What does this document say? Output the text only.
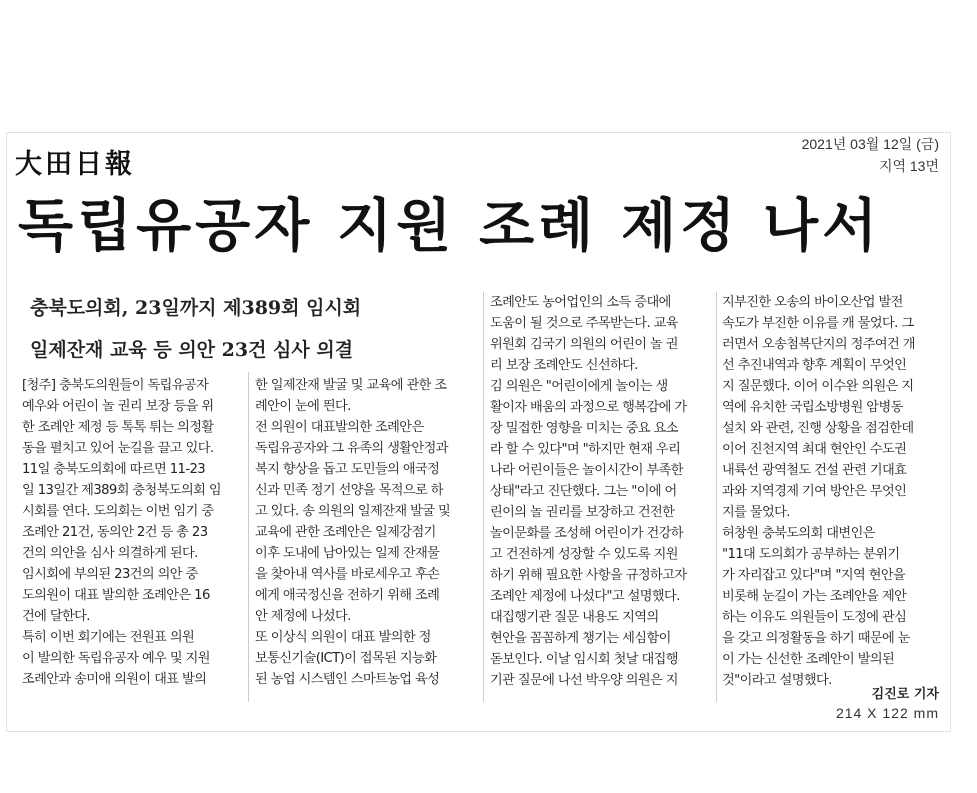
大田日報
2021년 03월 12일 (금)
지역 13면
독립유공자 지원 조례 제정 나서
충북도의회, 23일까지 제389회 임시회
일제잔재 교육 등 의안 23건 심사 의결

[청주] 충북도의원들이 독립유공자

예우와 어린이 놀 권리 보장 등을 위

한 조례안 제정 등 톡톡 튀는 의정활

동을 펼치고 있어 눈길을 끌고 있다.

11일 충북도의회에 따르면 11-23

일 13일간 제389회 충청북도의회 임

시회를 연다. 도의회는 이번 임기 중

조례안 21건, 동의안 2건 등 총 23

건의 의안을 심사 의결하게 된다.

임시회에 부의된 23건의 의안 중

도의원이 대표 발의한 조례안은 16

건에 달한다.

특히 이번 회기에는 전원표 의원

이 발의한 독립유공자 예우 및 지원

조례안과 송미애 의원이 대표 발의

한 일제잔재 발굴 및 교육에 관한 조

례안이 눈에 띈다.

전 의원이 대표발의한 조례안은

독립유공자와 그 유족의 생활안정과

복지 향상을 돕고 도민들의 애국정

신과 민족 정기 선양을 목적으로 하

고 있다. 송 의원의 일제잔재 발굴 및

교육에 관한 조례안은 일제강점기

이후 도내에 남아있는 일제 잔재물

을 찾아내 역사를 바로세우고 후손

에게 애국정신을 전하기 위해 조례

안 제정에 나섰다.

또 이상식 의원이 대표 발의한 정

보통신기술(ICT)이 접목된 지능화

된 농업 시스템인 스마트농업 육성

조례안도 농어업인의 소득 증대에

도움이 될 것으로 주목받는다. 교육

위원회 김국기 의원의 어린이 놀 권

리 보장 조례안도 신선하다.

김 의원은 "어린이에게 놀이는 생

활이자 배움의 과정으로 행복감에 가

장 밀접한 영향을 미치는 중요 요소

라 할 수 있다"며 "하지만 현재 우리

나라 어린이들은 놀이시간이 부족한

상태"라고 진단했다. 그는 "이에 어

린이의 놀 권리를 보장하고 건전한

놀이문화를 조성해 어린이가 건강하

고 건전하게 성장할 수 있도록 지원

하기 위해 필요한 사항을 규정하고자

조례안 제정에 나섰다"고 설명했다.

대집행기관 질문 내용도 지역의

현안을 꼼꼼하게 챙기는 세심함이

돋보인다. 이날 임시회 첫날 대집행

기관 질문에 나선 박우양 의원은 지

지부진한 오송의 바이오산업 발전

속도가 부진한 이유를 캐 물었다. 그

러면서 오송첨복단지의 정주여건 개

선 추진내역과 향후 계획이 무엇인

지 질문했다. 이어 이수완 의원은 지

역에 유치한 국립소방병원 암병동

설치 와 관련, 진행 상황을 점검한데

이어 진천지역 최대 현안인 수도권

내륙선 광역철도 건설 관련 기대효

과와 지역경제 기여 방안은 무엇인

지를 물었다.

허창원 충북도의회 대변인은

"11대 도의회가 공부하는 분위기

가 자리잡고 있다"며 "지역 현안을

비롯해 눈길이 가는 조례안을 제안

하는 이유도 의원들이 도정에 관심

을 갖고 의정활동을 하기 때문에 눈

이 가는 신선한 조례안이 발의된

것"이라고 설명했다.

김진로 기자
214 X 122 mm
